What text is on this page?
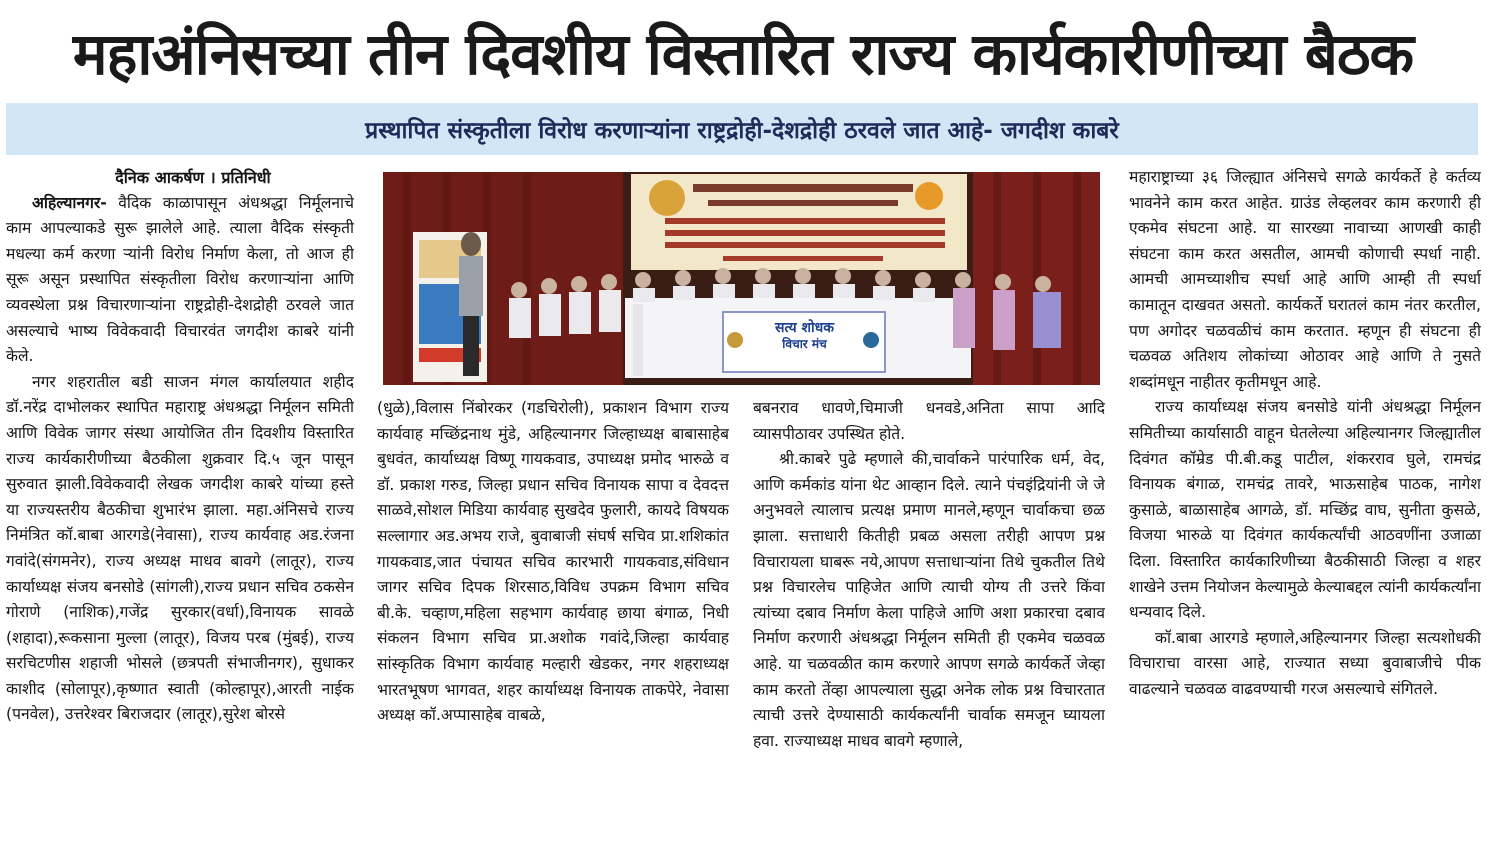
महाअंनिसच्या तीन दिवशीय विस्तारित राज्य कार्यकारीणीच्या बैठक
प्रस्थापित संस्कृतीला विरोध करणाऱ्यांना राष्ट्रद्रोही-देशद्रोही ठरवले जात आहे- जगदीश काबरे

दैनिक आकर्षण । प्रतिनिधी

अहिल्यानगर- वैदिक काळापासून अंधश्रद्धा निर्मूलनाचे काम आपल्याकडे सुरू झालेले आहे. त्याला वैदिक संस्कृती मधल्या कर्म करणा ऱ्यांनी विरोध निर्माण केला, तो आज ही सूरू असून प्रस्थापित संस्कृतीला विरोध करणाऱ्यांना आणि व्यवस्थेला प्रश्न विचारणाऱ्यांना राष्ट्रद्रोही-देशद्रोही ठरवले जात असल्याचे भाष्य विवेकवादी विचारवंत जगदीश काबरे यांनी केले.

नगर शहरातील बडी साजन मंगल कार्यालयात शहीद डॉ.नरेंद्र दाभोलकर स्थापित महाराष्ट्र अंधश्रद्धा निर्मूलन समिती आणि विवेक जागर संस्था आयोजित तीन दिवशीय विस्तारित राज्य कार्यकारीणीच्या बैठकीला शुक्रवार दि.५ जून पासून सुरुवात झाली.विवेकवादी लेखक जगदीश काबरे यांच्या हस्ते या राज्यस्तरीय बैठकीचा शुभारंभ झाला. महा.अंनिसचे राज्य निमंत्रित कॉ.बाबा आरगडे(नेवासा), राज्य कार्यवाह अड.रंजना गवांदे(संगमनेर), राज्य अध्यक्ष माधव बावगे (लातूर), राज्य कार्याध्यक्ष संजय बनसोडे (सांगली),राज्य प्रधान सचिव ठकसेन गोराणे (नाशिक),गजेंद्र सुरकार(वर्धा),विनायक सावळे (शहादा),रूकसाना मुल्ला (लातूर), विजय परब (मुंबई), राज्य सरचिटणीस शहाजी भोसले (छत्रपती संभाजीनगर), सुधाकर काशीद (सोलापूर),कृष्णात स्वाती (कोल्हापूर),आरती नाईक (पनवेल), उत्तरेश्वर बिराजदार (लातूर),सुरेश बोरसे

सत्य शोधक
विचार मंच

(धुळे),विलास निंबोरकर (गडचिरोली), प्रकाशन विभाग राज्य कार्यवाह मच्छिंद्रनाथ मुंडे, अहिल्यानगर जिल्हाध्यक्ष बाबासाहेब बुधवंत, कार्याध्यक्ष विष्णू गायकवाड, उपाध्यक्ष प्रमोद भारुळे व डॉ. प्रकाश गरुड, जिल्हा प्रधान सचिव विनायक सापा व देवदत्त साळवे,सोशल मिडिया कार्यवाह सुखदेव फुलारी, कायदे विषयक सल्लागार अड.अभय राजे, बुवाबाजी संघर्ष सचिव प्रा.शशिकांत गायकवाड,जात पंचायत सचिव कारभारी गायकवाड,संविधान जागर सचिव दिपक शिरसाठ,विविध उपक्रम विभाग सचिव बी.के. चव्हाण,महिला सहभाग कार्यवाह छाया बंगाळ, निधी संकलन विभाग सचिव प्रा.अशोक गवांदे,जिल्हा कार्यवाह सांस्कृतिक विभाग कार्यवाह मल्हारी खेडकर, नगर शहराध्यक्ष भारतभूषण भागवत, शहर कार्याध्यक्ष विनायक ताकपेरे, नेवासा अध्यक्ष कॉ.अप्पासाहेब वाबळे,

बबनराव धावणे,चिमाजी धनवडे,अनिता सापा आदि व्यासपीठावर उपस्थित होते.

श्री.काबरे पुढे म्हणाले की,चार्वाकने पारंपारिक धर्म, वेद, आणि कर्मकांड यांना थेट आव्हान दिले. त्याने पंचइंद्रियांनी जे जे अनुभवले त्यालाच प्रत्यक्ष प्रमाण मानले,म्हणून चार्वाकचा छळ झाला. सत्ताधारी कितीही प्रबळ असला तरीही आपण प्रश्न विचारायला घाबरू नये,आपण सत्ताधाऱ्यांना तिथे चुकतील तिथे प्रश्न विचारलेच पाहिजेत आणि त्याची योग्य ती उत्तरे किंवा त्यांच्या दबाव निर्माण केला पाहिजे आणि अशा प्रकारचा दबाव निर्माण करणारी अंधश्रद्धा निर्मूलन समिती ही एकमेव चळवळ आहे. या चळवळीत काम करणारे आपण सगळे कार्यकर्ते जेव्हा काम करतो तेंव्हा आपल्याला सुद्धा अनेक लोक प्रश्न विचारतात त्याची उत्तरे देण्यासाठी कार्यकर्त्यांनी चार्वाक समजून घ्यायला हवा. राज्याध्यक्ष माधव बावगे म्हणाले,

महाराष्ट्राच्या ३६ जिल्ह्यात अंनिसचे सगळे कार्यकर्ते हे कर्तव्य भावनेने काम करत आहेत. ग्राउंड लेव्हलवर काम करणारी ही एकमेव संघटना आहे. या सारख्या नावाच्या आणखी काही संघटना काम करत असतील, आमची कोणाची स्पर्धा नाही. आमची आमच्याशीच स्पर्धा आहे आणि आम्ही ती स्पर्धा कामातून दाखवत असतो. कार्यकर्ते घरातलं काम नंतर करतील, पण अगोदर चळवळीचं काम करतात. म्हणून ही संघटना ही चळवळ अतिशय लोकांच्या ओठावर आहे आणि ते नुसते शब्दांमधून नाहीतर कृतीमधून आहे.

राज्य कार्याध्यक्ष संजय बनसोडे यांनी अंधश्रद्धा निर्मूलन समितीच्या कार्यासाठी वाहून घेतलेल्या अहिल्यानगर जिल्ह्यातील दिवंगत कॉम्रेड पी.बी.कडू पाटील, शंकरराव घुले, रामचंद्र विनायक बंगाळ, रामचंद्र तावरे, भाऊसाहेब पाठक, नागेश कुसाळे, बाळासाहेब आगळे, डॉ. मच्छिंद्र वाघ, सुनीता कुसळे, विजया भारुळे या दिवंगत कार्यकर्त्यांची आठवणींना उजाळा दिला. विस्तारित कार्यकारिणीच्या बैठकीसाठी जिल्हा व शहर शाखेने उत्तम नियोजन केल्यामुळे केल्याबद्दल त्यांनी कार्यकर्त्यांना धन्यवाद दिले.

कॉ.बाबा आरगडे म्हणाले,अहिल्यानगर जिल्हा सत्यशोधकी विचाराचा वारसा आहे, राज्यात सध्या बुवाबाजीचे पीक वाढल्याने चळवळ वाढवण्याची गरज असल्याचे संगितले.
